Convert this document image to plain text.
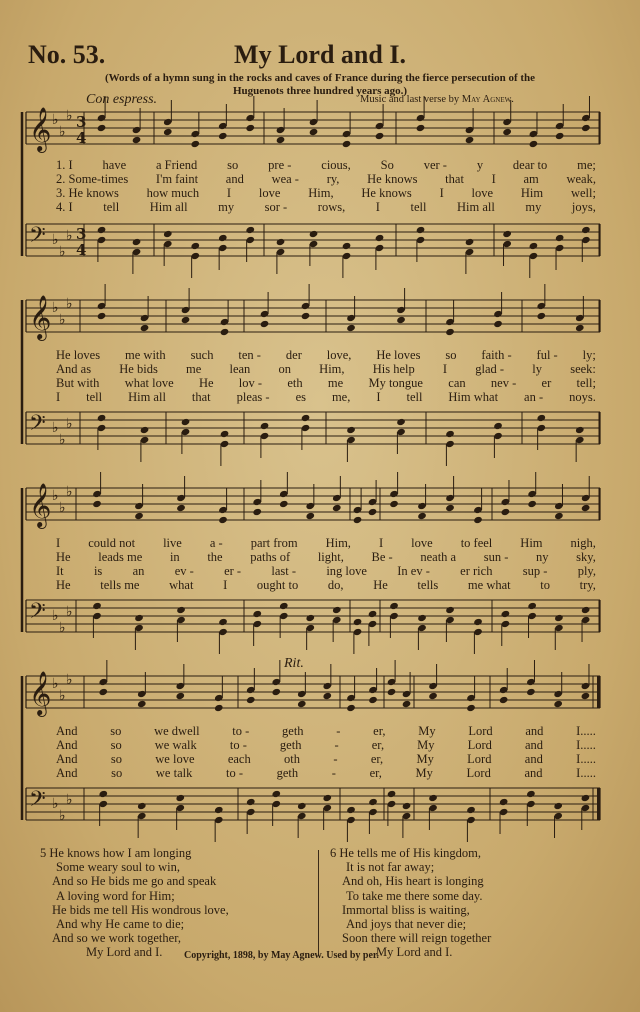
No. 53.	My Lord and I.
(Words of a hymn sung in the rocks and caves of France during the fierce persecution of the
Huguenots three hundred years ago.)
Con espress.	Music and last verse by May Agnew.
Rit.
𝄞 ♭
♭
♭
𝄞 ♭
♭
♭
𝄞 ♭
♭
♭
𝄞 ♭
♭
♭
𝄢 ♭
♭
♭
𝄢 ♭
♭
♭
𝄢 ♭
♭
♭
𝄢 ♭
♭
♭
3
4
3
4
1. I have a Friend so pre - cious, So ver - y dear to me;
2. Some-times I'm faint and wea - ry, He knows that I am weak,
3. He knows how much I love Him, He knows I love Him well;
4. I tell Him all my sor - rows, I tell Him all my joys,
He loves me with such ten - der love, He loves so faith - ful - ly;
And as He bids me lean on Him, His help I glad - ly seek:
But with what love He lov - eth me My tongue can nev - er tell;
I tell Him all that pleas - es me, I tell Him what an - noys.
I could not live a - part from Him, I love to feel Him nigh,
He leads me in the paths of light, Be - neath a sun - ny sky,
It is an ev - er - last - ing love In ev - er rich sup - ply,
He tells me what I ought to do, He tells me what to try,
And	so	we dwell	to -	geth	-	er,	My	Lord	and	I.....
And	so	we walk	to -	geth	-	er,	My	Lord	and	I.....
And	so	we love	each	oth	-	er,	My	Lord	and	I.....
And	so	we talk	to -	geth	-	er,	My	Lord	and	I.....
5 He knows how I am longing
Some weary soul to win,
And so He bids me go and speak
A loving word for Him;
He bids me tell His wondrous love,
And why He came to die;
And so we work together,
My Lord and I.
6 He tells me of His kingdom,
It is not far away;
And oh, His heart is longing
To take me there some day.
Immortal bliss is waiting,
And joys that never die;
Soon there will reign together
My Lord and I.
Copyright, 1898, by May Agnew. Used by per.
